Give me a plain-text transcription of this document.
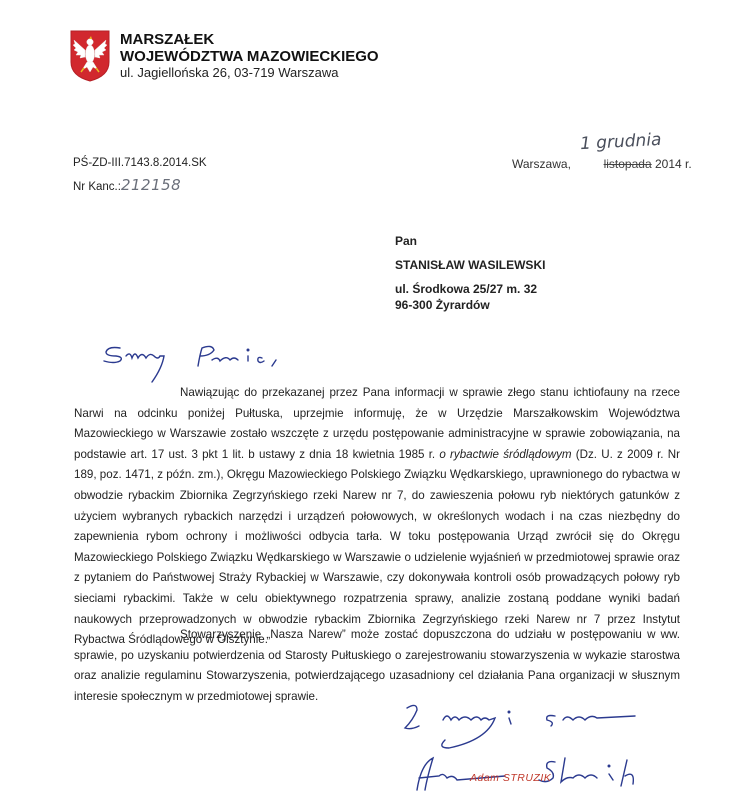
MARSZAŁEK
WOJEWÓDZTWA MAZOWIECKIEGO
ul. Jagiellońska 26, 03-719 Warszawa
PŚ-ZD-III.7143.8.2014.SK
Nr Kanc.:212158
1 grudnia
Warszawa,	listopada 2014 r.
Pan
STANISŁAW WASILEWSKI
ul. Środkowa 25/27 m. 32
96-300 Żyrardów

Nawiązując do przekazanej przez Pana informacji w sprawie złego stanu ichtiofauny na rzece Narwi na odcinku poniżej Pułtuska, uprzejmie informuję, że w Urzędzie Marszałkowskim Województwa Mazowieckiego w Warszawie zostało wszczęte z urzędu postępowanie administracyjne w sprawie zobowiązania, na podstawie art. 17 ust. 3 pkt 1 lit. b ustawy z dnia 18 kwietnia 1985 r. o rybactwie śródlądowym (Dz. U. z 2009 r. Nr 189, poz. 1471, z późn. zm.), Okręgu Mazowieckiego Polskiego Związku Wędkarskiego, uprawnionego do rybactwa w obwodzie rybackim Zbiornika Zegrzyńskiego rzeki Narew nr 7, do zawieszenia połowu ryb niektórych gatunków z użyciem wybranych rybackich narzędzi i urządzeń połowowych, w określonych wodach i na czas niezbędny do zapewnienia rybom ochrony i możliwości odbycia tarła. W toku postępowania Urząd zwrócił się do Okręgu Mazowieckiego Polskiego Związku Wędkarskiego w Warszawie o udzielenie wyjaśnień w przedmiotowej sprawie oraz z pytaniem do Państwowej Straży Rybackiej w Warszawie, czy dokonywała kontroli osób prowadzących połowy ryb sieciami rybackimi. Także w celu obiektywnego rozpatrzenia sprawy, analizie zostaną poddane wyniki badań naukowych przeprowadzonych w obwodzie rybackim Zbiornika Zegrzyńskiego rzeki Narew nr 7 przez Instytut Rybactwa Śródlądowego w Olsztynie.

Stowarzyszenie „Nasza Narew” może zostać dopuszczona do udziału w postępowaniu w ww. sprawie, po uzyskaniu potwierdzenia od Starosty Pułtuskiego o zarejestrowaniu stowarzyszenia w wykazie starostwa oraz analizie regulaminu Stowarzyszenia, potwierdzającego uzasadniony cel działania Pana organizacji w słusznym interesie społecznym w przedmiotowej sprawie.

Adam STRUZIK
